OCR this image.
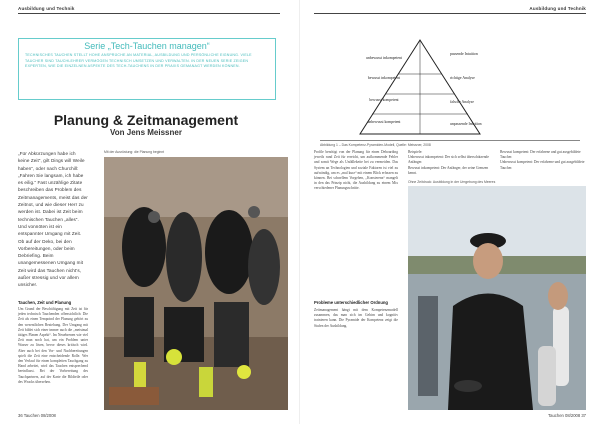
Ausbildung und Technik
Serie „Tech-Tauchen managen“
TECHNISCHES TAUCHEN STELLT HOHE ANSPRÜCHE AN MATERIAL, AUSBILDUNG UND PERSÖNLICHE EIGNUNG. VIELE TAUCHER SIND TAUCHLEHRER VERMÖGEN TECHNISCH UMSETZEN UND VERWALTEN. IN DER NEUEN SERIE ZEIGEN EXPERTEN, WIE DIE EINZELNEN ASPEKTE DES TECH-TAUCHENS IN DER PRAXIS GEMANAGT WERDEN KÖNNEN.
Planung & Zeitmanagement
Von Jens Meissner
„Für Abkürzungen habe ich keine Zeit“, gilt Dings will Weile haben“, oder nach Churchill: „Fahren Sie langsam, ich habe es eilig.“ Fast unzählige Zitate beschreiben das Problem des Zeitmanagements, meist das der Zeitnot, und wie dieser Herr zu werden ist. Dabei ist Zeit beim technischen Tauchen „alles“. Und vonnöten ist ein entspannter Umgang mit Zeit. Ob auf der Deko, bei den Vorbereitungen, oder beim Debriefing. Beim unangemessenen Umgang mit Zeit wird das Tauchen nicht’s, außer stressig und vor allem unsicher.
Tauchen, Zeit und Planung
Um Grund der Beschäftigung mit Zeit ist für jeden technisch Tauchenden offensichtlich: Die Zeit als einen Tempoind der Planung gehört zu den wesentlichen Beziehung. Der Umgang mit Zeit bildet sich einer immer auch die „meistmal tätiges Planen Aspekt“. Im Neuebrenen wie viel Zeit man noch hat, um ein Problem unter Wasser zu lösen, bevor dieses kritisch wird. Aber auch bei den Vor- und Nachbereitungen spielt die Zeit eine entscheidende Rolle. Wer den Verlauf für einen kompletten Tauchgang zu Hand arbeitet, wird das Tauchen entsprechend beeinflusst. Bei der Vorbereitung des Tauchpartners, auf der Karte die Bildteile oder des Wracks übersehen.
Mit der Ausrüstung: die Planung beginnt
36 Tauchen 08/2008
Ausbildung und Technik
unbewusst inkompetent
bewusst inkompetent
bewusst kompetent
unbewusst kompetent
passende Intuition
richtige Analyse
falsche Analyse
unpassende Intuition
Abbildung 1 – Das Kompetenz-Pyramiden-Modell, Quelle: Meissner, 2008
Profile benötigt von der Planung für einen Deboarding jeweils rund Zeit für erreicht, um aufkommende Fehler und somit Wege als Unfällekette bei zu vermeiden. Das System an Technologien und soziale Faktoren ist viel zu aufwändig, um es „mal kurz“ mit einem Blick erfassen zu können. Bei schnellem Vorgehen, „Konsterenz“ mangelt in den das Prinzip nicht, die Ausbildung zu einem Mix verschiedener Planungsschritte.
Probleme unterschiedlicher Ordnung
Zeitmanagement hängt mit dem Kompetenzmodell zusammen, das man sich im Gehirn und kognitiv trainieren kann. Die Pyramide der Kompetenz zeigt die Stufen der Ausbildung.
Beispiele:
Unbewusst inkompetent: Der sich selbst überschätzende Anfänger.
Bewusst inkompetent: Der Anfänger, der seine Grenzen kennt.
Bewusst kompetent: Der erfahrene und gut ausgebildete Taucher.
Unbewusst kompetent: Der erfahrene und gut ausgebildete Taucher.
Ohne Zeitdruck: Ausbildung in der Umgebung des Meeres
Tauchen 08/2008 37
